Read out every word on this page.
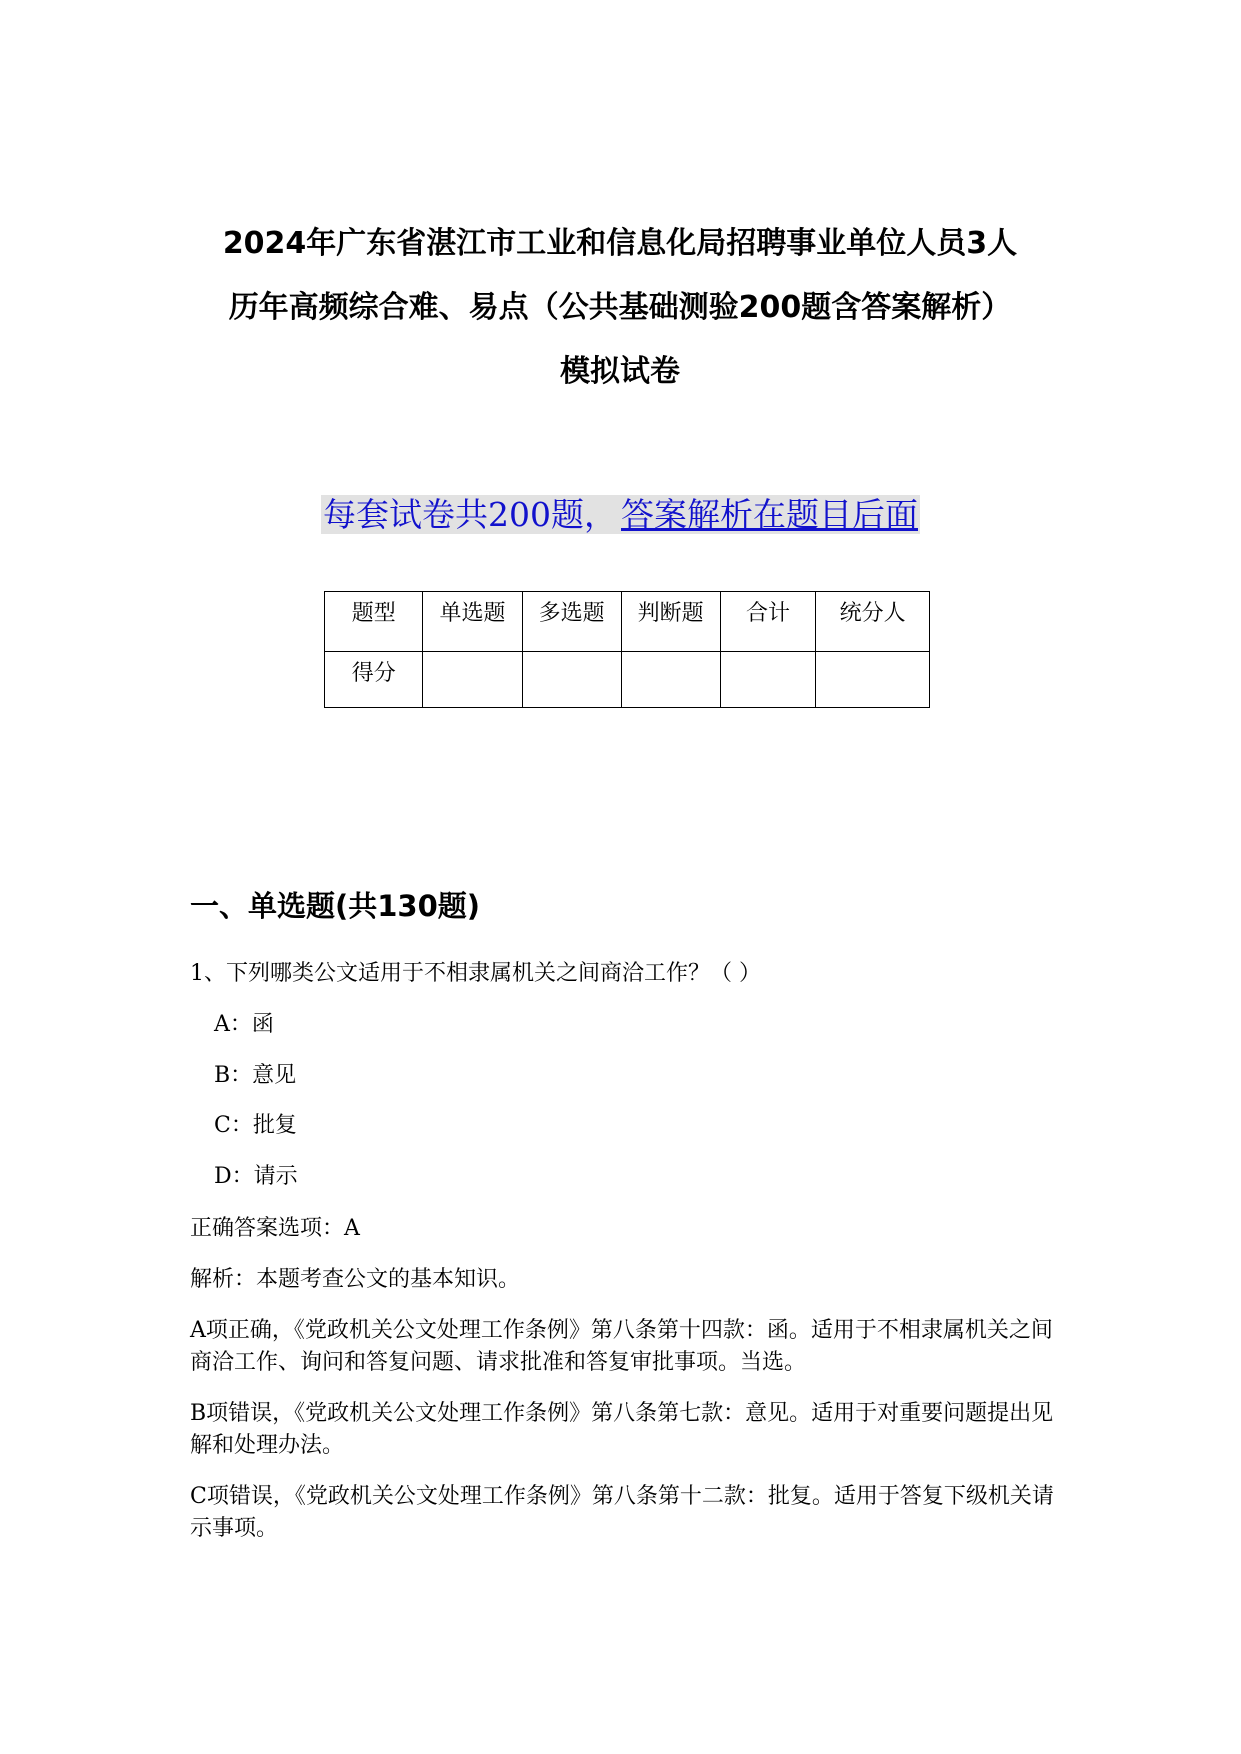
2024年广东省湛江市工业和信息化局招聘事业单位人员3人
历年高频综合难、易点（公共基础测验200题含答案解析）
模拟试卷
每套试卷共200题， 答案解析在题目后面
题型	单选题	多选题	判断题	合计	统分人
得分					
一、单选题(共130题)
1、下列哪类公文适用于不相隶属机关之间商洽工作？（ ）
A：函
B：意见
C：批复
D：请示
正确答案选项：A
解析：本题考查公文的基本知识。
A项正确，《党政机关公文处理工作条例》第八条第十四款：函。适用于不相隶属机关之间商洽工作、询问和答复问题、请求批准和答复审批事项。当选。
B项错误，《党政机关公文处理工作条例》第八条第七款：意见。适用于对重要问题提出见解和处理办法。
C项错误，《党政机关公文处理工作条例》第八条第十二款：批复。适用于答复下级机关请示事项。
